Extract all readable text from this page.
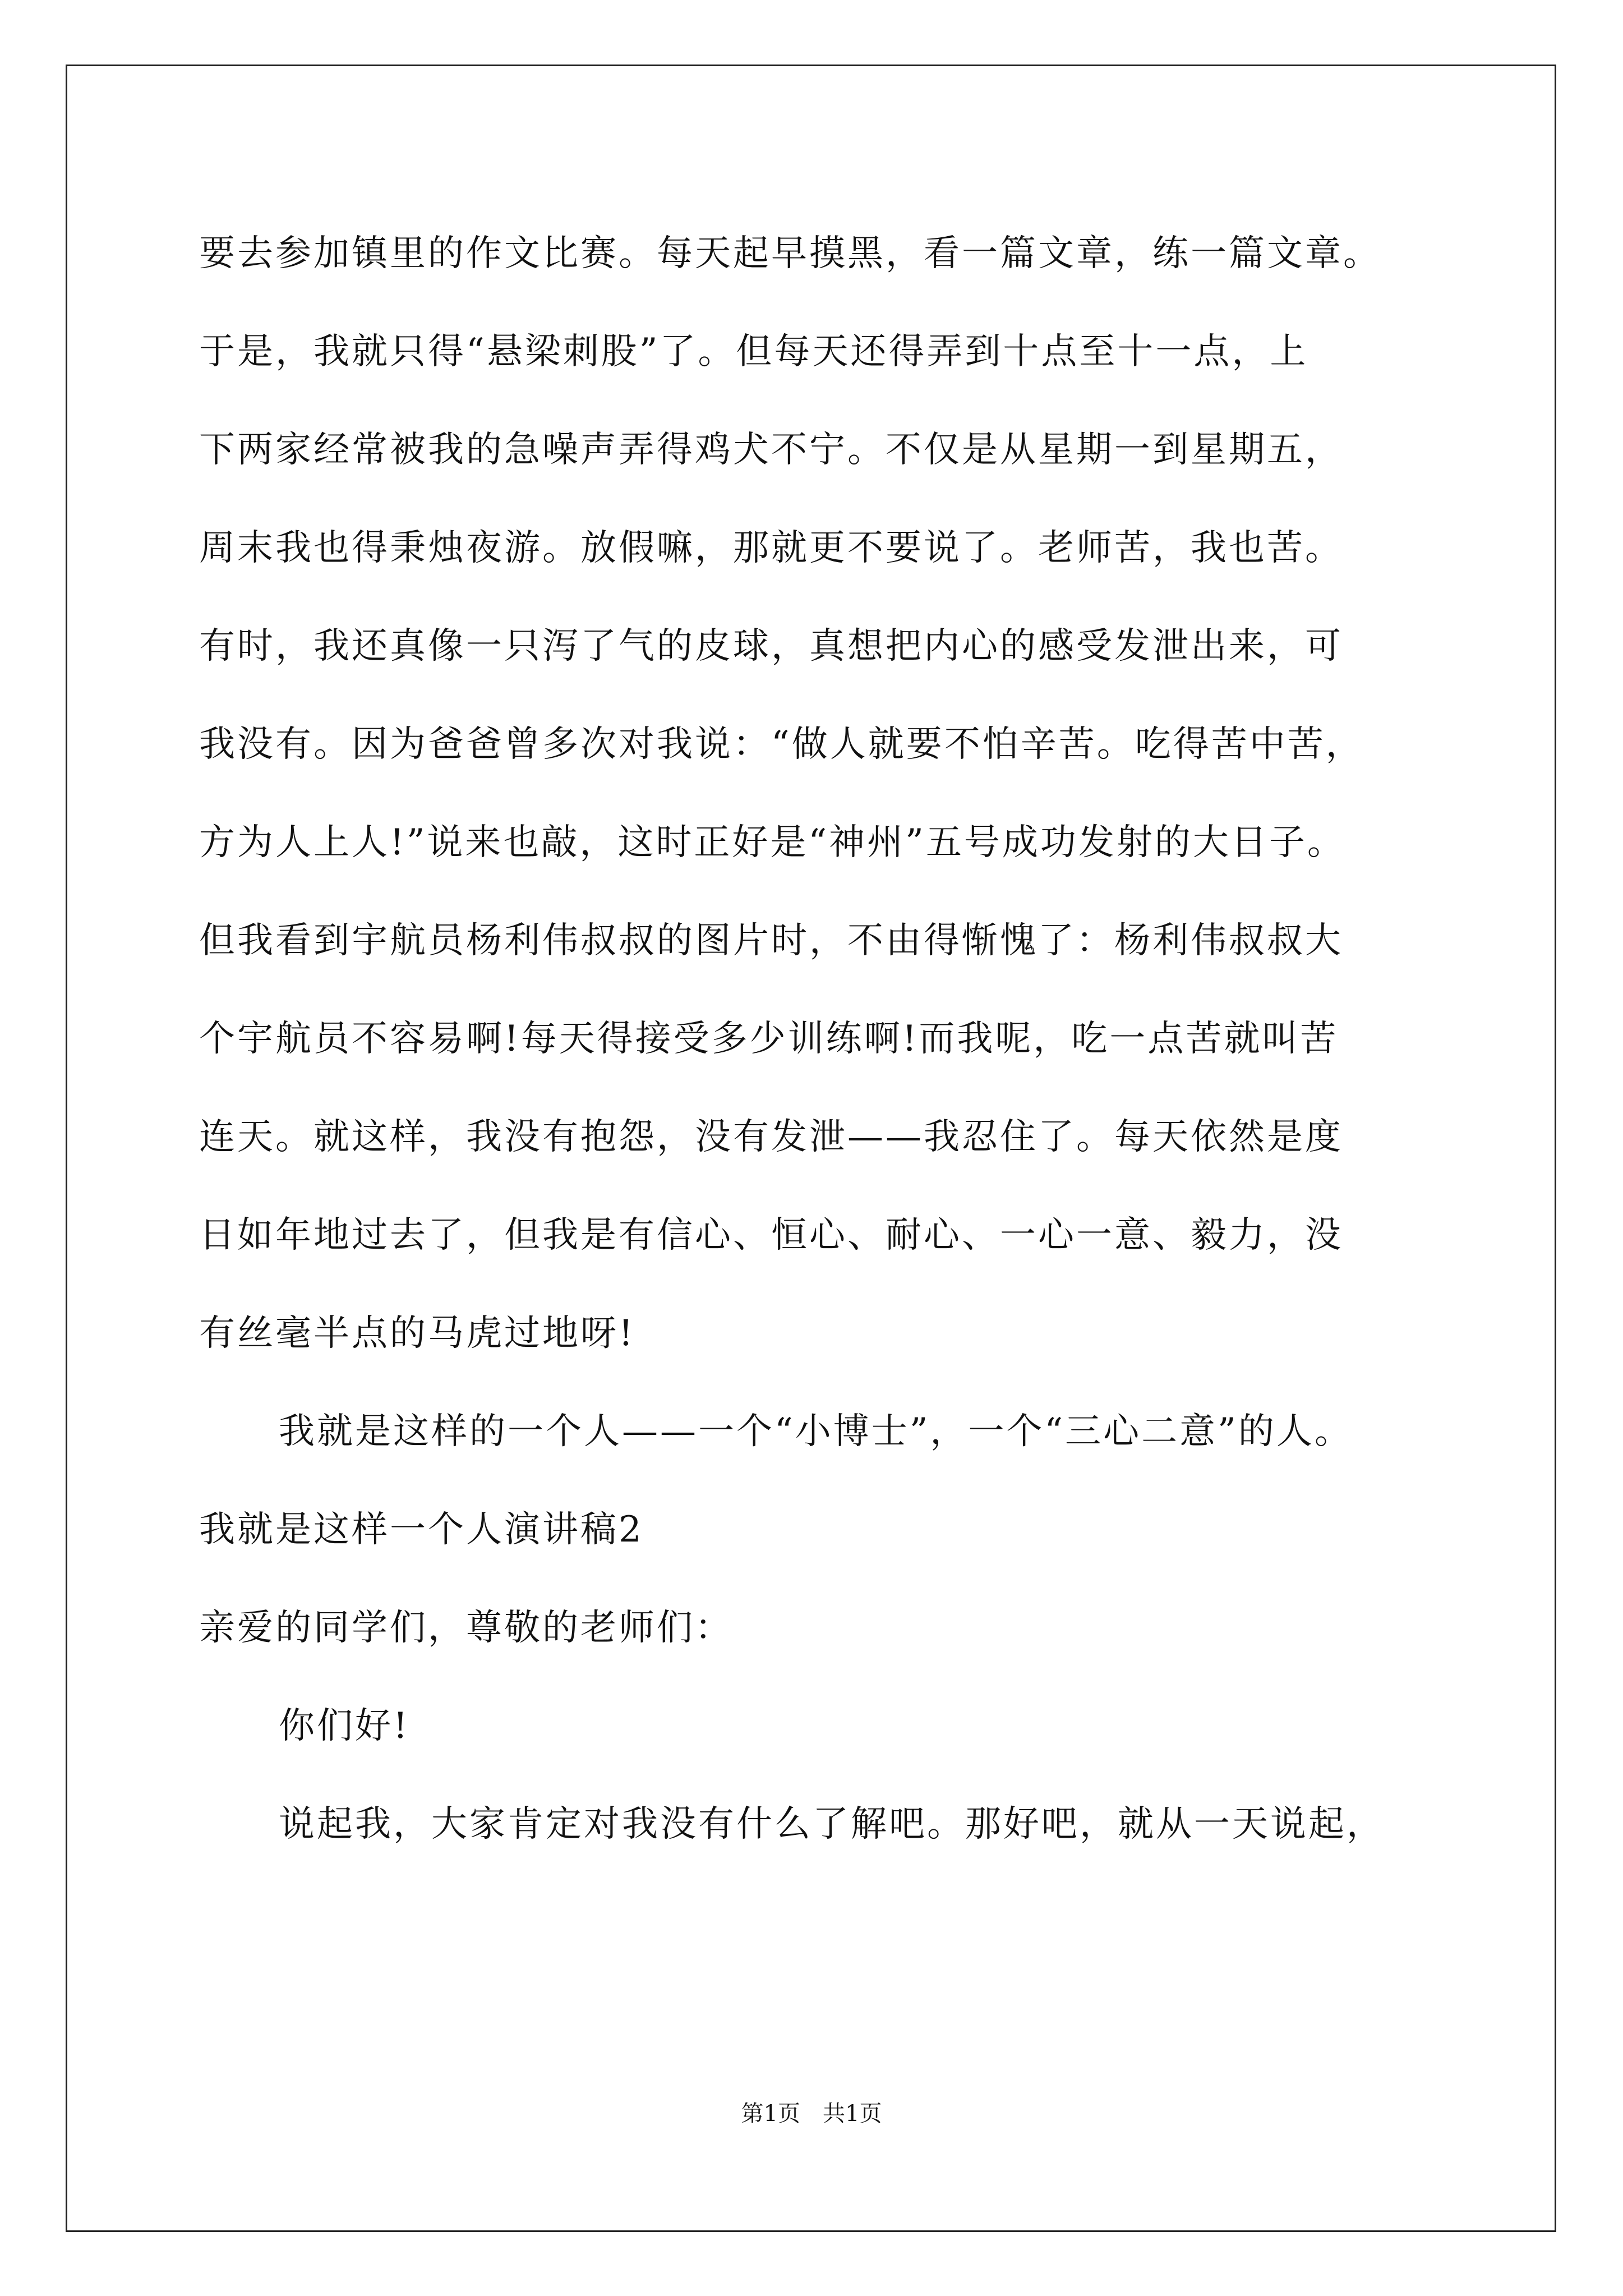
要去参加镇里的作文比赛。每天起早摸黑，看一篇文章，练一篇文章。
于是，我就只得“悬梁刺股”了。但每天还得弄到十点至十一点，上
下两家经常被我的急噪声弄得鸡犬不宁。不仅是从星期一到星期五，
周末我也得秉烛夜游。放假嘛，那就更不要说了。老师苦，我也苦。
有时，我还真像一只泻了气的皮球，真想把内心的感受发泄出来，可
我没有。因为爸爸曾多次对我说：“做人就要不怕辛苦。吃得苦中苦，
方为人上人!”说来也敲，这时正好是“神州”五号成功发射的大日子。
但我看到宇航员杨利伟叔叔的图片时，不由得惭愧了：杨利伟叔叔大
个宇航员不容易啊!每天得接受多少训练啊!而我呢，吃一点苦就叫苦
连天。就这样，我没有抱怨，没有发泄——我忍住了。每天依然是度
日如年地过去了，但我是有信心、恒心、耐心、一心一意、毅力，没
有丝毫半点的马虎过地呀!
我就是这样的一个人——一个“小博士”，一个“三心二意”的人。
我就是这样一个人演讲稿2
亲爱的同学们，尊敬的老师们：
你们好!
说起我，大家肯定对我没有什么了解吧。那好吧，就从一天说起，
第1页　共1页
